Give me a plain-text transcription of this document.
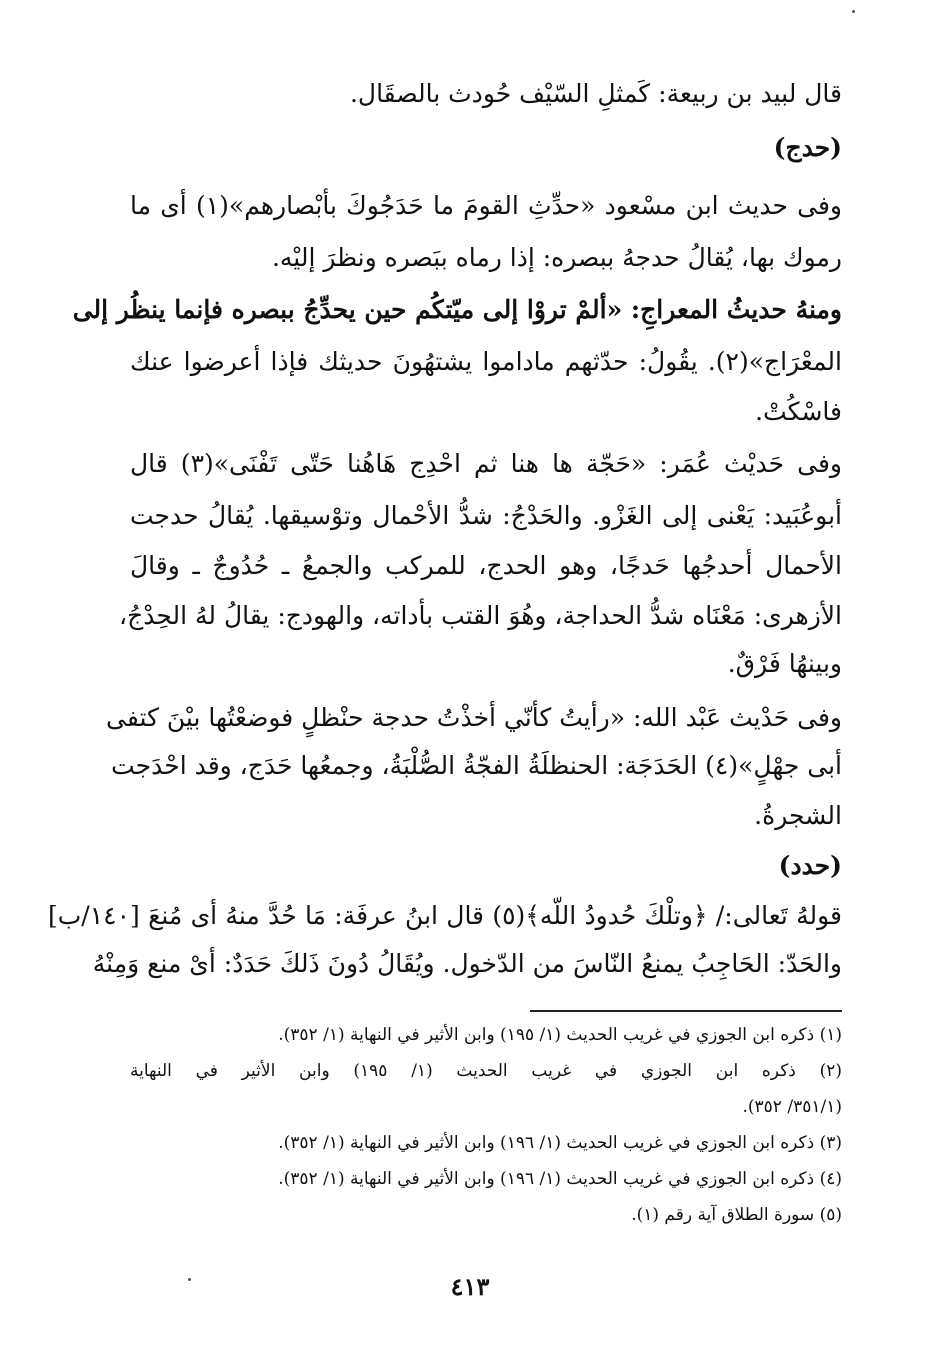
قال لبيد بن ربيعة: كَمثلِ السّيْف حُودث بالصقَال.
(حدج)
وفى حديث ابن مسْعود «حدِّثِ القومَ ما حَدَجُوكَ بأبْصارهم»(١) أى ما
رموك بها، يُقالُ حدجهُ ببصره: إذا رماه ببَصره ونظرَ إليْه.
ومنهُ حديثُ المعراجِ: «ألمْ تروْا إلى ميّتكُم حين يحدِّجُ ببصره فإنما ينظُر إلى
المعْرَاج»(٢). يقُولُ: حدّثهم ماداموا يشتهُونَ حديثك فإذا أعرضوا عنك
فاسْكُتْ.
وفى حَديْث عُمَر: «حَجّة ها هنا ثم احْدِج هَاهُنا حَتّى تَفْنَى»(٣) قال
أبوعُبَيد: يَعْنى إلى الغَزْو. والحَدْجُ: شدُّ الأحْمال وتوْسيقها. يُقالُ حدجت
الأحمال أحدجُها حَدجًا، وهو الحدج، للمركب والجمعُ ـ حُدُوجٌ ـ وقالَ
الأزهرى: مَعْنَاه شدُّ الحداجة، وهُوَ القتب بأداته، والهودج: يقالُ لهُ الحِدْجُ،
وبينهُا فَرْقٌ.
وفى حَدْيث عَبْد الله: «رأيتُ كأنّي أخذْتُ حدجة حنْظلٍ فوضعْتُها بيْنَ كتفى
أبى جهْلٍ»(٤) الحَدَجَة: الحنظلَةُ الفجّةُ الصُّلْبَةُ، وجمعُها حَدَج، وقد احْدَجت
الشجرةُ.
(حدد)
قولهُ تَعالى:/ ﴿وتلْكَ حُدودُ اللّه﴾(٥) قال ابنُ عرفَة: مَا حُدَّ منهُ أى مُنعَ [١٤٠/ب]
والحَدّ: الحَاجِبُ يمنعُ النّاسَ من الدّخول. ويُقَالُ دُونَ ذَلكَ حَدَدٌ: أىْ منع وَمِنْهُ
(١) ذكره ابن الجوزي في غريب الحديث (١/ ١٩٥) وابن الأثير في النهاية (١/ ٣٥٢).
(٢) ذكره ابن الجوزي في غريب الحديث (١/ ١٩٥) وابن الأثير في النهاية
(٣٥١/١/ ٣٥٢).
(٣) ذكره ابن الجوزي في غريب الحديث (١/ ١٩٦) وابن الأثير في النهاية (١/ ٣٥٢).
(٤) ذكره ابن الجوزي في غريب الحديث (١/ ١٩٦) وابن الأثير في النهاية (١/ ٣٥٢).
(٥) سورة الطلاق آية رقم (١).
٤١٣
